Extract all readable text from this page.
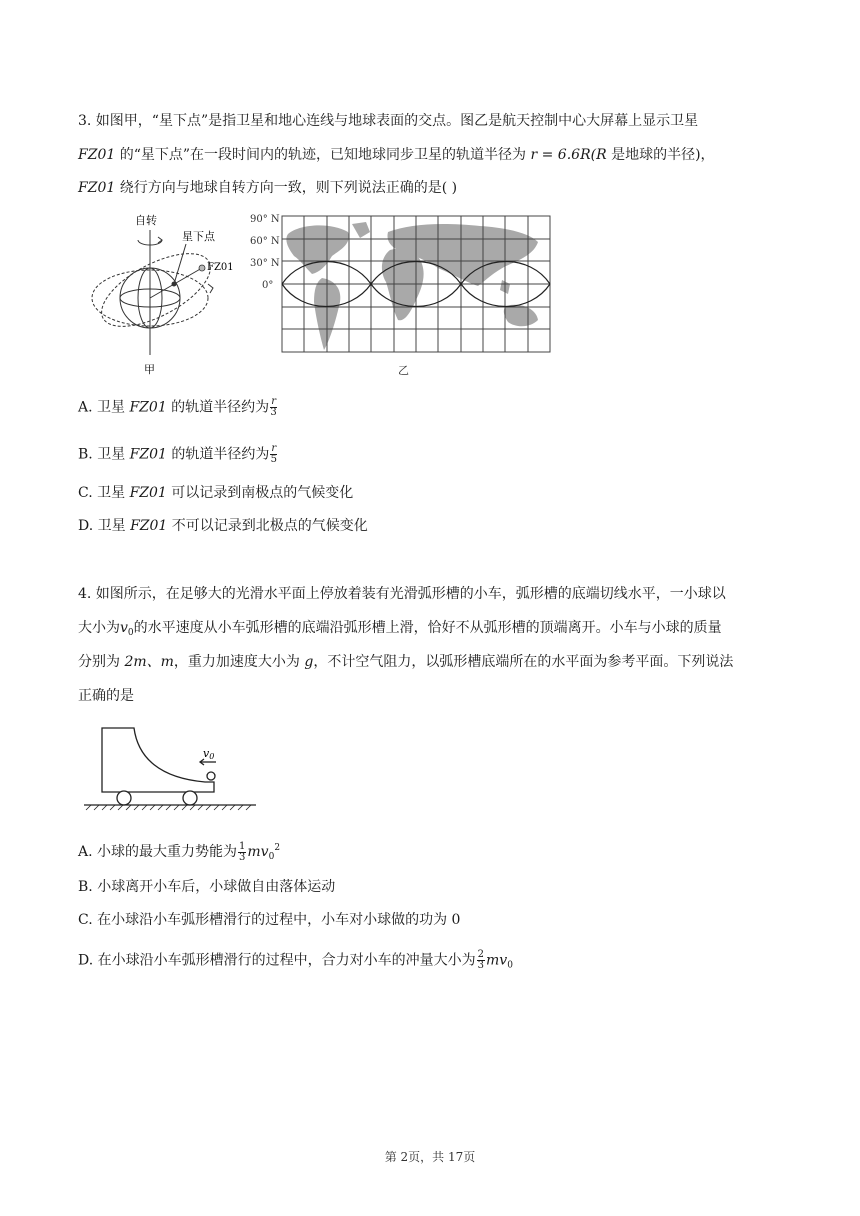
3. 如图甲，“星下点”是指卫星和地心连线与地球表面的交点。图乙是航天控制中心大屏幕上显示卫星
FZ01 的“星下点”在一段时间内的轨迹，已知地球同步卫星的轨道半径为 r = 6.6R(R 是地球的半径)，
FZ01 绕行方向与地球自转方向一致，则下列说法正确的是( )
自转
星下点
FZ01
甲
90° N
60° N
30° N
0°
乙
A. 卫星 FZ01 的轨道半径约为 $\frac{r}{3}$
B. 卫星 FZ01 的轨道半径约为 $\frac{r}{5}$
C. 卫星 FZ01 可以记录到南极点的气候变化
D. 卫星 FZ01 不可以记录到北极点的气候变化
4. 如图所示，在足够大的光滑水平面上停放着装有光滑弧形槽的小车，弧形槽的底端切线水平，一小球以
大小为$v_0$的水平速度从小车弧形槽的底端沿弧形槽上滑，恰好不从弧形槽的顶端离开。小车与小球的质量
分别为 2m、m，重力加速度大小为 g，不计空气阻力，以弧形槽底端所在的水平面为参考平面。下列说法
正确的是
v0
A. 小球的最大重力势能为 $\frac{1}{3} mv_0^2$
B. 小球离开小车后，小球做自由落体运动
C. 在小球沿小车弧形槽滑行的过程中，小车对小球做的功为 0
D. 在小球沿小车弧形槽滑行的过程中，合力对小车的冲量大小为 $\frac{2}{3} mv_0$
第 2页，共 17页
